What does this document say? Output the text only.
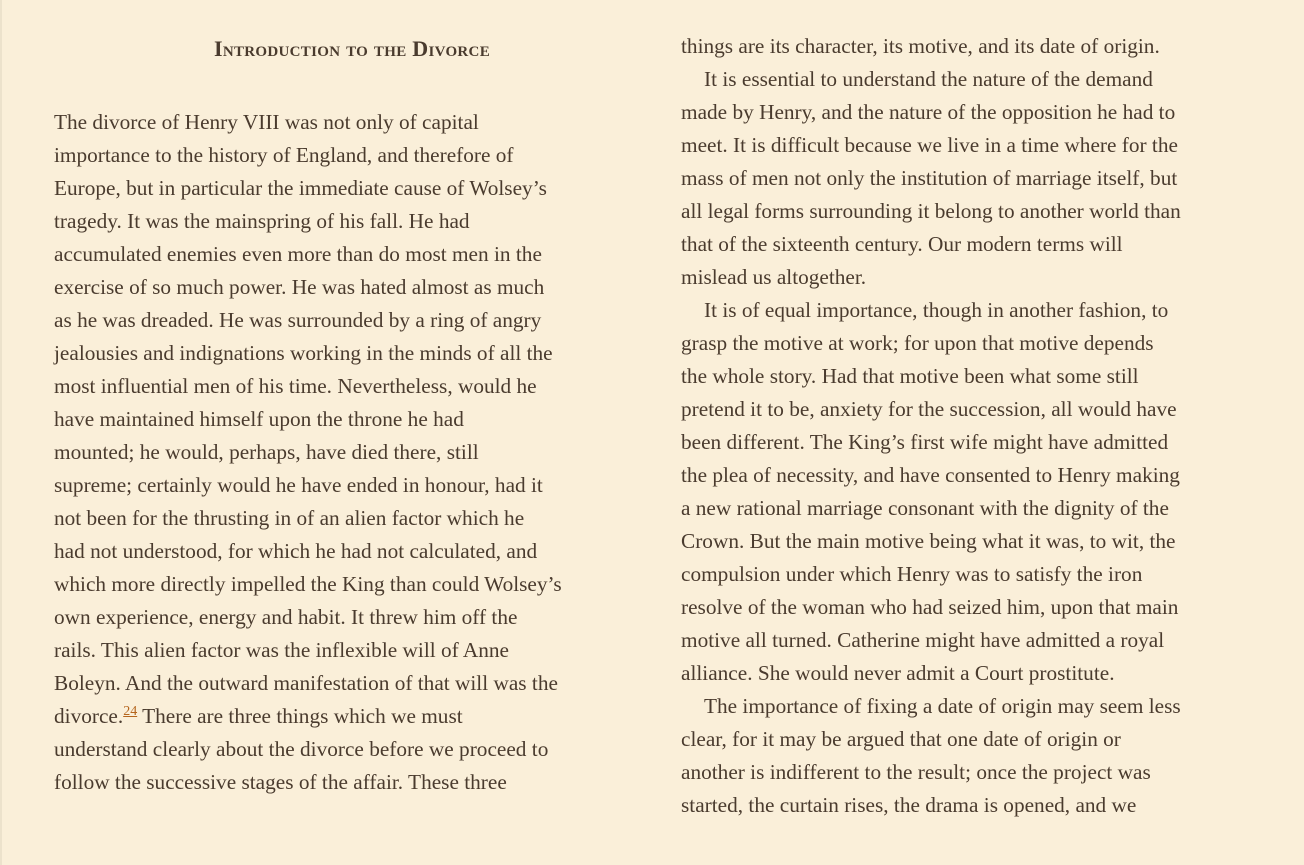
Introduction to the Divorce

The divorce of Henry VIII was not only of capital
importance to the history of England, and therefore of
Europe, but in particular the immediate cause of Wolsey’s
tragedy. It was the mainspring of his fall. He had
accumulated enemies even more than do most men in the
exercise of so much power. He was hated almost as much
as he was dreaded. He was surrounded by a ring of angry
jealousies and indignations working in the minds of all the
most influential men of his time. Nevertheless, would he
have maintained himself upon the throne he had
mounted; he would, perhaps, have died there, still
supreme; certainly would he have ended in honour, had it
not been for the thrusting in of an alien factor which he
had not understood, for which he had not calculated, and
which more directly impelled the King than could Wolsey’s
own experience, energy and habit. It threw him off the
rails. This alien factor was the inflexible will of Anne
Boleyn. And the outward manifestation of that will was the
divorce.$^{24}$ There are three things which we must
understand clearly about the divorce before we proceed to
follow the successive stages of the affair. These three

things are its character, its motive, and its date of origin.

It is essential to understand the nature of the demand
made by Henry, and the nature of the opposition he had to
meet. It is difficult because we live in a time where for the
mass of men not only the institution of marriage itself, but
all legal forms surrounding it belong to another world than
that of the sixteenth century. Our modern terms will
mislead us altogether.

It is of equal importance, though in another fashion, to
grasp the motive at work; for upon that motive depends
the whole story. Had that motive been what some still
pretend it to be, anxiety for the succession, all would have
been different. The King’s first wife might have admitted
the plea of necessity, and have consented to Henry making
a new rational marriage consonant with the dignity of the
Crown. But the main motive being what it was, to wit, the
compulsion under which Henry was to satisfy the iron
resolve of the woman who had seized him, upon that main
motive all turned. Catherine might have admitted a royal
alliance. She would never admit a Court prostitute.

The importance of fixing a date of origin may seem less
clear, for it may be argued that one date of origin or
another is indifferent to the result; once the project was
started, the curtain rises, the drama is opened, and we
